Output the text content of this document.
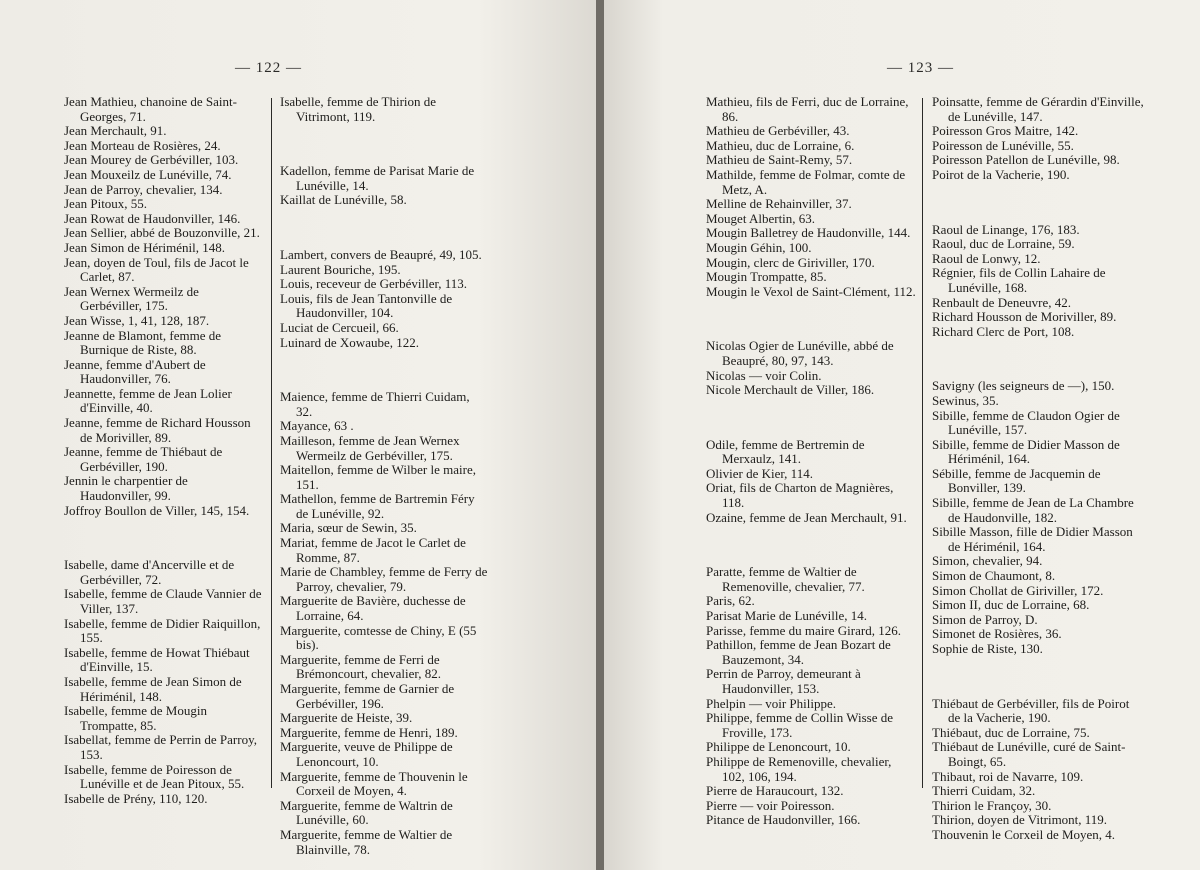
— 122 —

Jean Mathieu, chanoine de Saint-Georges, 71.

Jean Merchault, 91.

Jean Morteau de Rosières, 24.

Jean Mourey de Gerbéviller, 103.

Jean Mouxeilz de Lunéville, 74.

Jean de Parroy, chevalier, 134.

Jean Pitoux, 55.

Jean Rowat de Haudonviller, 146.

Jean Sellier, abbé de Bouzonville, 21.

Jean Simon de Hériménil, 148.

Jean, doyen de Toul, fils de Jacot le Carlet, 87.

Jean Wernex Wermeilz de Gerbéviller, 175.

Jean Wisse, 1, 41, 128, 187.

Jeanne de Blamont, femme de Burnique de Riste, 88.

Jeanne, femme d'Aubert de Haudonviller, 76.

Jeannette, femme de Jean Lolier d'Einville, 40.

Jeanne, femme de Richard Housson de Moriviller, 89.

Jeanne, femme de Thiébaut de Gerbéviller, 190.

Jennin le charpentier de Haudonviller, 99.

Joffroy Boullon de Viller, 145, 154.

Isabelle, dame d'Ancerville et de Gerbéviller, 72.

Isabelle, femme de Claude Vannier de Viller, 137.

Isabelle, femme de Didier Raiquillon, 155.

Isabelle, femme de Howat Thiébaut d'Einville, 15.

Isabelle, femme de Jean Simon de Hériménil, 148.

Isabelle, femme de Mougin Trompatte, 85.

Isabellat, femme de Perrin de Parroy, 153.

Isabelle, femme de Poiresson de Lunéville et de Jean Pitoux, 55.

Isabelle de Prény, 110, 120.

Isabelle, femme de Thirion de Vitrimont, 119.

Kadellon, femme de Parisat Marie de Lunéville, 14.

Kaillat de Lunéville, 58.

Lambert, convers de Beaupré, 49, 105.

Laurent Bouriche, 195.

Louis, receveur de Gerbéviller, 113.

Louis, fils de Jean Tantonville de Haudonviller, 104.

Luciat de Cercueil, 66.

Luinard de Xowaube, 122.

Maience, femme de Thierri Cuidam, 32.

Mayance, 63 .

Mailleson, femme de Jean Wernex Wermeilz de Gerbéviller, 175.

Maitellon, femme de Wilber le maire, 151.

Mathellon, femme de Bartremin Féry de Lunéville, 92.

Maria, sœur de Sewin, 35.

Mariat, femme de Jacot le Carlet de Romme, 87.

Marie de Chambley, femme de Ferry de Parroy, chevalier, 79.

Marguerite de Bavière, duchesse de Lorraine, 64.

Marguerite, comtesse de Chiny, E (55 bis).

Marguerite, femme de Ferri de Brémoncourt, chevalier, 82.

Marguerite, femme de Garnier de Gerbéviller, 196.

Marguerite de Heiste, 39.

Marguerite, femme de Henri, 189.

Marguerite, veuve de Philippe de Lenoncourt, 10.

Marguerite, femme de Thouvenin le Corxeil de Moyen, 4.

Marguerite, femme de Waltrin de Lunéville, 60.

Marguerite, femme de Waltier de Blainville, 78.

— 123 —

Mathieu, fils de Ferri, duc de Lorraine, 86.

Mathieu de Gerbéviller, 43.

Mathieu, duc de Lorraine, 6.

Mathieu de Saint-Remy, 57.

Mathilde, femme de Folmar, comte de Metz, A.

Melline de Rehainviller, 37.

Mouget Albertin, 63.

Mougin Balletrey de Haudonville, 144.

Mougin Géhin, 100.

Mougin, clerc de Giriviller, 170.

Mougin Trompatte, 85.

Mougin le Vexol de Saint-Clément, 112.

Nicolas Ogier de Lunéville, abbé de Beaupré, 80, 97, 143.

Nicolas — voir Colin.

Nicole Merchault de Viller, 186.

Odile, femme de Bertremin de Merxaulz, 141.

Olivier de Kier, 114.

Oriat, fils de Charton de Magnières, 118.

Ozaine, femme de Jean Merchault, 91.

Paratte, femme de Waltier de Remenoville, chevalier, 77.

Paris, 62.

Parisat Marie de Lunéville, 14.

Parisse, femme du maire Girard, 126.

Pathillon, femme de Jean Bozart de Bauzemont, 34.

Perrin de Parroy, demeurant à Haudonviller, 153.

Phelpin — voir Philippe.

Philippe, femme de Collin Wisse de Froville, 173.

Philippe de Lenoncourt, 10.

Philippe de Remenoville, chevalier, 102, 106, 194.

Pierre de Haraucourt, 132.

Pierre — voir Poiresson.

Pitance de Haudonviller, 166.

Poinsatte, femme de Gérardin d'Einville, de Lunéville, 147.

Poiresson Gros Maitre, 142.

Poiresson de Lunéville, 55.

Poiresson Patellon de Lunéville, 98.

Poirot de la Vacherie, 190.

Raoul de Linange, 176, 183.

Raoul, duc de Lorraine, 59.

Raoul de Lonwy, 12.

Régnier, fils de Collin Lahaire de Lunéville, 168.

Renbault de Deneuvre, 42.

Richard Housson de Moriviller, 89.

Richard Clerc de Port, 108.

Savigny (les seigneurs de —), 150.

Sewinus, 35.

Sibille, femme de Claudon Ogier de Lunéville, 157.

Sibille, femme de Didier Masson de Hériménil, 164.

Sébille, femme de Jacquemin de Bonviller, 139.

Sibille, femme de Jean de La Chambre de Haudonville, 182.

Sibille Masson, fille de Didier Masson de Hériménil, 164.

Simon, chevalier, 94.

Simon de Chaumont, 8.

Simon Chollat de Giriviller, 172.

Simon II, duc de Lorraine, 68.

Simon de Parroy, D.

Simonet de Rosières, 36.

Sophie de Riste, 130.

Thiébaut de Gerbéviller, fils de Poirot de la Vacherie, 190.

Thiébaut, duc de Lorraine, 75.

Thiébaut de Lunéville, curé de Saint-Boingt, 65.

Thibaut, roi de Navarre, 109.

Thierri Cuidam, 32.

Thirion le Françoy, 30.

Thirion, doyen de Vitrimont, 119.

Thouvenin le Corxeil de Moyen, 4.
